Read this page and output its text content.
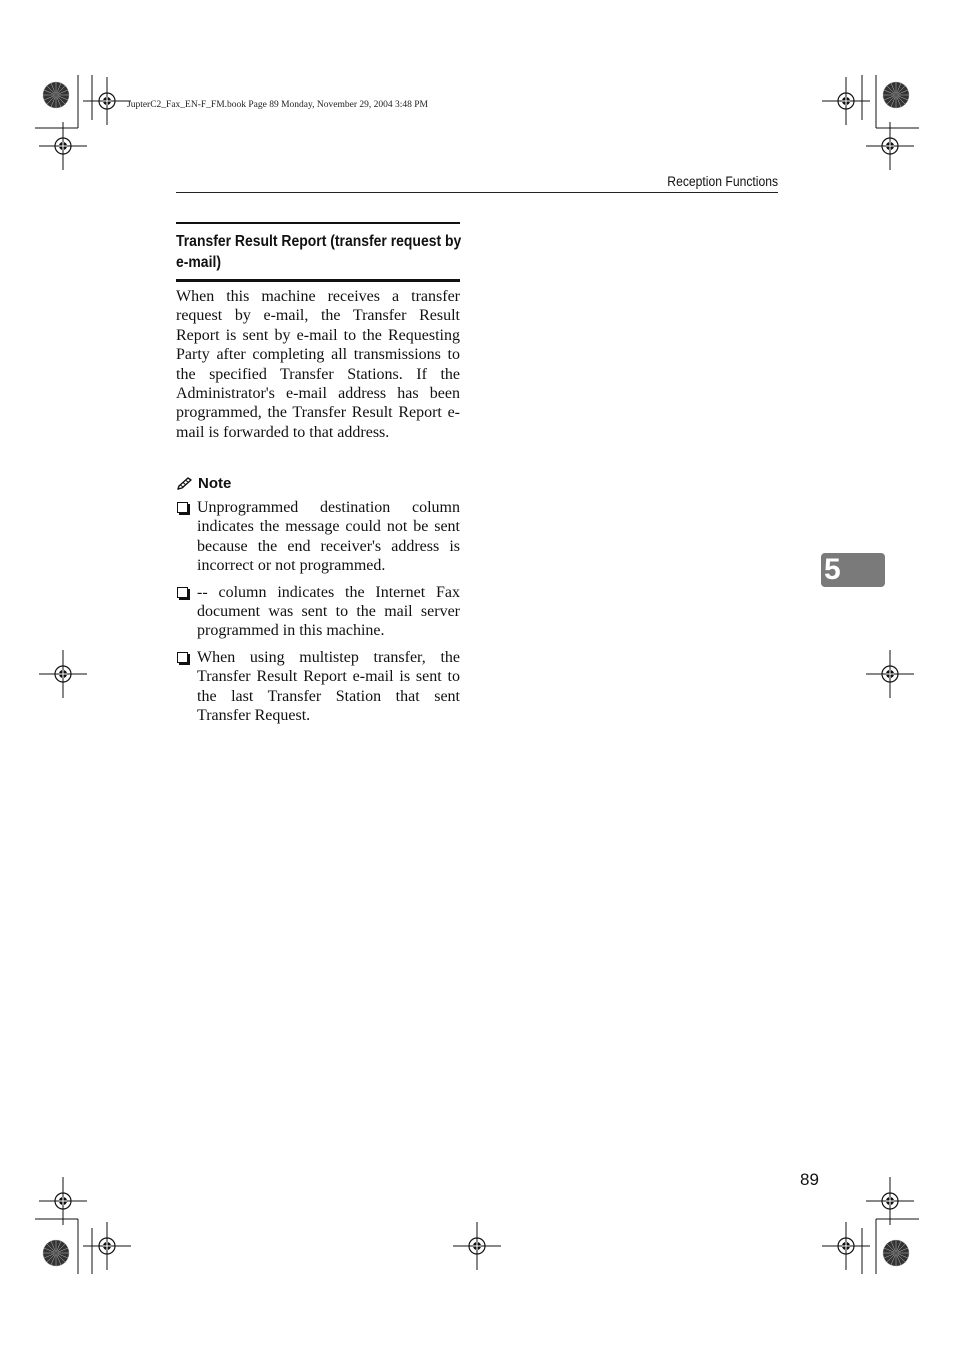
JupterC2_Fax_EN-F_FM.book Page 89 Monday, November 29, 2004 3:48 PM
Reception Functions
Transfer Result Report (transfer request by e-mail)

When this machine receives a transfer request by e-mail, the Transfer Result Report is sent by e-mail to the Requesting Party after completing all transmissions to the specified Transfer Stations. If the Administrator's e-mail address has been programmed, the Transfer Result Report e-mail is forwarded to that address.

Note
Unprogrammed destination column indicates the message could not be sent because the end receiver's address is incorrect or not programmed.
-- column indicates the Internet Fax document was sent to the mail server programmed in this machine.
When using multistep transfer, the Transfer Result Report e-mail is sent to the last Transfer Station that sent Transfer Request.
5
89
